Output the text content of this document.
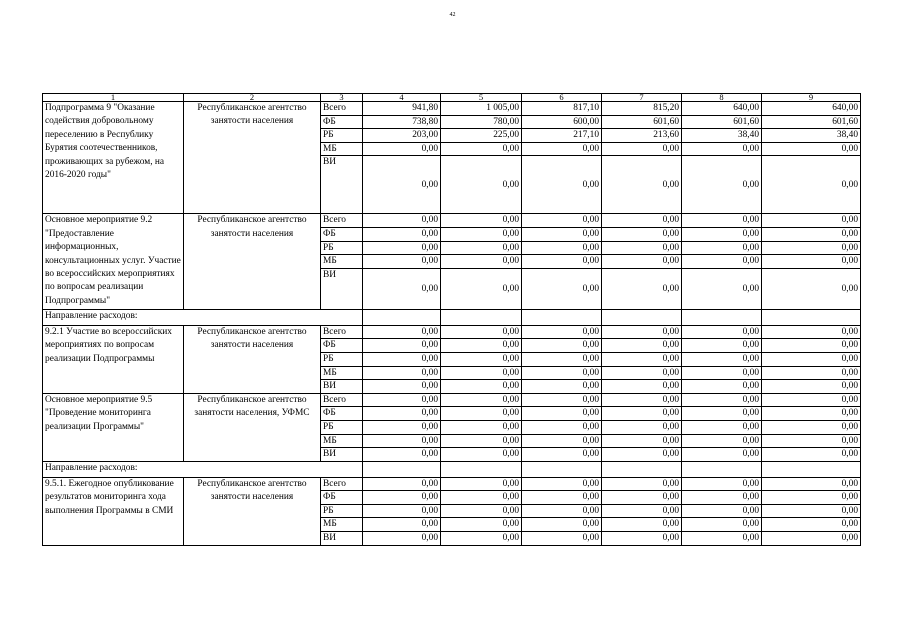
42
1	2	3	4	5	6	7	8	9
Подпрограмма 9 "Оказание содействия добровольному переселению в Республику Бурятия соотечественников, проживающих за рубежом, на 2016-2020 годы"	Республиканское агентство занятости населения	Всего	941,80	1 005,00	817,10	815,20	640,00	640,00
		ФБ	738,80	780,00	600,00	601,60	601,60	601,60
		РБ	203,00	225,00	217,10	213,60	38,40	38,40
		МБ	0,00	0,00	0,00	0,00	0,00	0,00
		ВИ	0,00	0,00	0,00	0,00	0,00	0,00
Основное мероприятие 9.2 "Предоставление информационных, консультационных услуг. Участие во всероссийских мероприятиях по вопросам реализации Подпрограммы"	Республиканское агентство занятости населения	Всего	0,00	0,00	0,00	0,00	0,00	0,00
		ФБ	0,00	0,00	0,00	0,00	0,00	0,00
		РБ	0,00	0,00	0,00	0,00	0,00	0,00
		МБ	0,00	0,00	0,00	0,00	0,00	0,00
		ВИ	0,00	0,00	0,00	0,00	0,00	0,00
Направление расходов:								
9.2.1 Участие во всероссийских мероприятиях по вопросам реализации Подпрограммы	Республиканское агентство занятости населения	Всего	0,00	0,00	0,00	0,00	0,00	0,00
		ФБ	0,00	0,00	0,00	0,00	0,00	0,00
		РБ	0,00	0,00	0,00	0,00	0,00	0,00
		МБ	0,00	0,00	0,00	0,00	0,00	0,00
		ВИ	0,00	0,00	0,00	0,00	0,00	0,00
Основное мероприятие 9.5 "Проведение мониторинга реализации Программы"	Республиканское агентство занятости населения, УФМС	Всего	0,00	0,00	0,00	0,00	0,00	0,00
		ФБ	0,00	0,00	0,00	0,00	0,00	0,00
		РБ	0,00	0,00	0,00	0,00	0,00	0,00
		МБ	0,00	0,00	0,00	0,00	0,00	0,00
		ВИ	0,00	0,00	0,00	0,00	0,00	0,00
Направление расходов:								
9.5.1. Ежегодное опубликование результатов мониторинга хода выполнения Программы в СМИ	Республиканское агентство занятости населения	Всего	0,00	0,00	0,00	0,00	0,00	0,00
		ФБ	0,00	0,00	0,00	0,00	0,00	0,00
		РБ	0,00	0,00	0,00	0,00	0,00	0,00
		МБ	0,00	0,00	0,00	0,00	0,00	0,00
		ВИ	0,00	0,00	0,00	0,00	0,00	0,00
